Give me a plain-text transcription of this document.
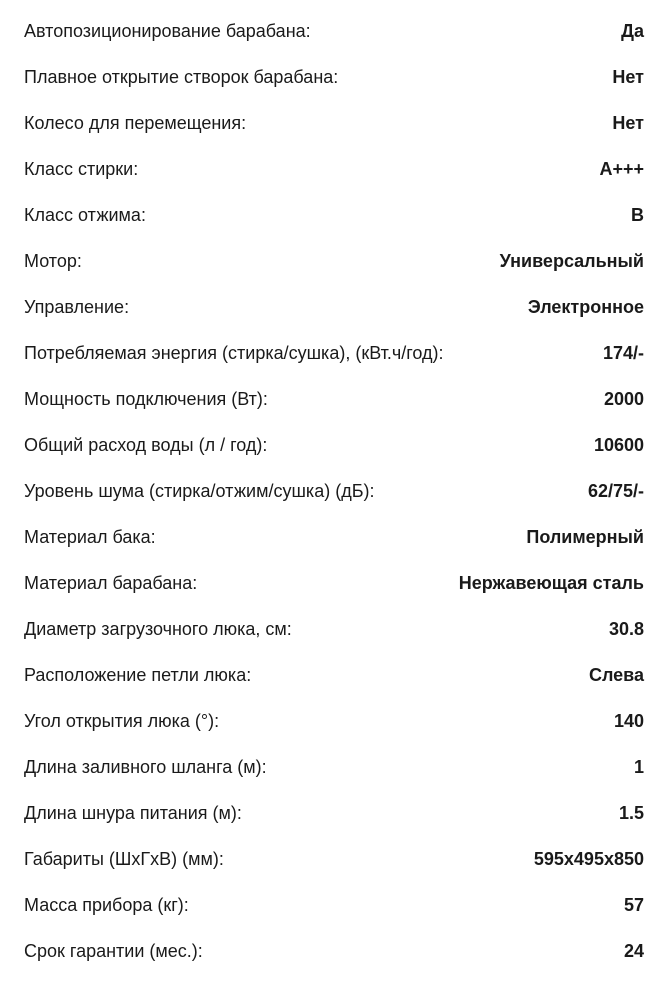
Автопозиционирование барабана:	Да
Плавное открытие створок барабана:	Нет
Колесо для перемещения:	Нет
Класс стирки:	A+++
Класс отжима:	B
Мотор:	Универсальный
Управление:	Электронное
Потребляемая энергия (стирка/сушка), (кВт.ч/год):	174/-
Мощность подключения (Вт):	2000
Общий расход воды (л / год):	10600
Уровень шума (стирка/отжим/сушка) (дБ):	62/75/-
Материал бака:	Полимерный
Материал барабана:	Нержавеющая сталь
Диаметр загрузочного люка, см:	30.8
Расположение петли люка:	Слева
Угол открытия люка (°):	140
Длина заливного шланга (м):	1
Длина шнура питания (м):	1.5
Габариты (ШxГxВ) (мм):	595x495x850
Масса прибора (кг):	57
Срок гарантии (мес.):	24
